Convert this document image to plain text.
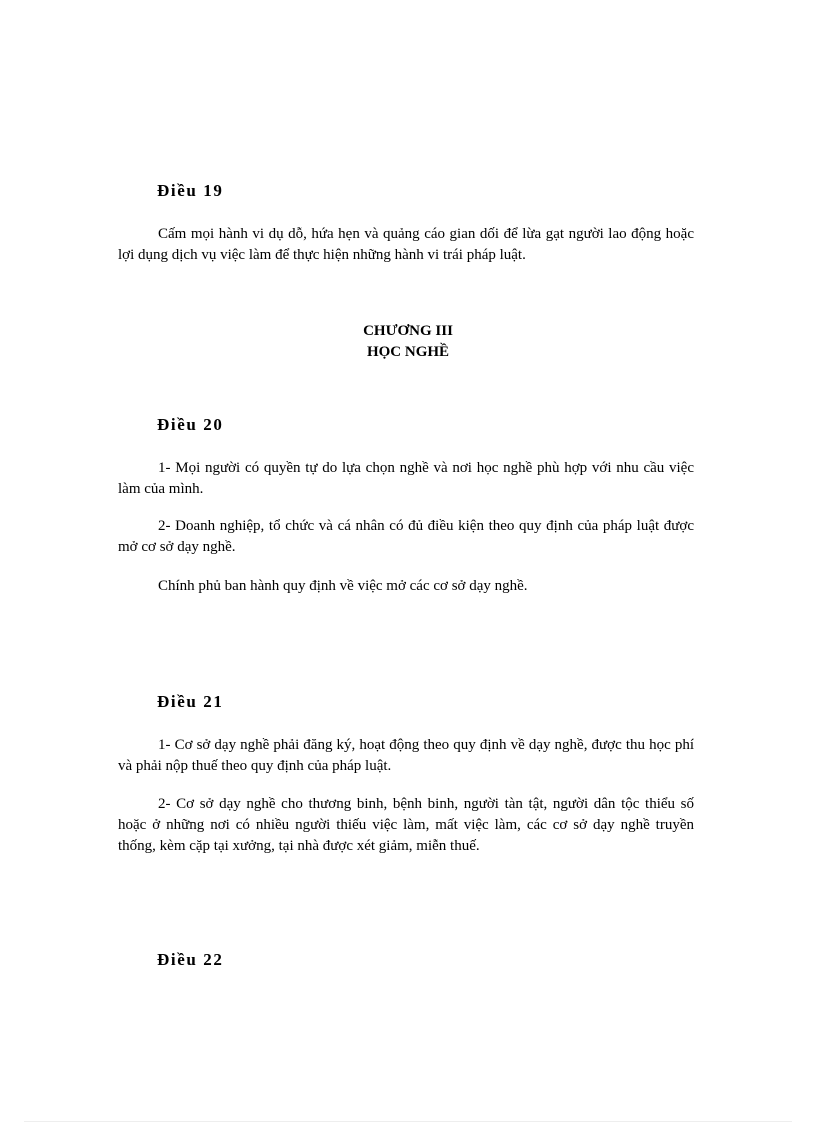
Điều 19

Cấm mọi hành vi dụ dỗ, hứa hẹn và quảng cáo gian dối để lừa gạt người lao động hoặc lợi dụng dịch vụ việc làm để thực hiện những hành vi trái pháp luật.

CHƯƠNG III
HỌC NGHỀ
Điều 20

1- Mọi người có quyền tự do lựa chọn nghề và nơi học nghề phù hợp với nhu cầu việc làm của mình.

2- Doanh nghiệp, tổ chức và cá nhân có đủ điều kiện theo quy định của pháp luật được mở cơ sở dạy nghề.

Chính phủ ban hành quy định về việc mở các cơ sở dạy nghề.

Điều 21

1- Cơ sở dạy nghề phải đăng ký, hoạt động theo quy định về dạy nghề, được thu học phí và phải nộp thuế theo quy định của pháp luật.

2- Cơ sở dạy nghề cho thương binh, bệnh binh, người tàn tật, người dân tộc thiểu số hoặc ở những nơi có nhiều người thiếu việc làm, mất việc làm, các cơ sở dạy nghề truyền thống, kèm cặp tại xưởng, tại nhà được xét giảm, miễn thuế.

Điều 22
